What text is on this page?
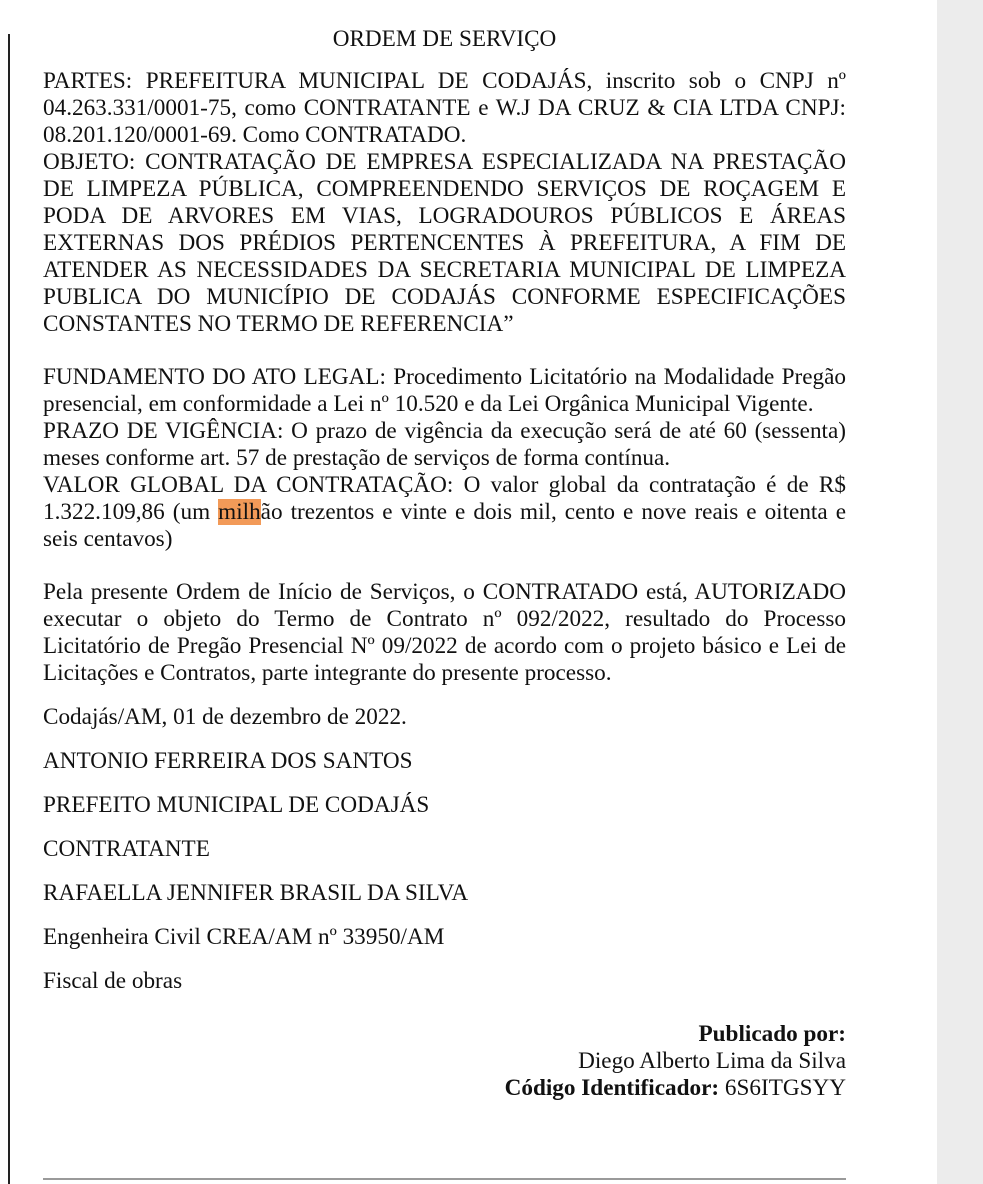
ORDEM DE SERVIÇO

PARTES: PREFEITURA MUNICIPAL DE CODAJÁS, inscrito sob o CNPJ nº 04.263.331/0001-75, como CONTRATANTE e W.J DA CRUZ & CIA LTDA CNPJ: 08.201.120/0001-69. Como CONTRATADO.

OBJETO: CONTRATAÇÃO DE EMPRESA ESPECIALIZADA NA PRESTAÇÃO DE LIMPEZA PÚBLICA, COMPREENDENDO SERVIÇOS DE ROÇAGEM E PODA DE ARVORES EM VIAS, LOGRADOUROS PÚBLICOS E ÁREAS EXTERNAS DOS PRÉDIOS PERTENCENTES À PREFEITURA, A FIM DE ATENDER AS NECESSIDADES DA SECRETARIA MUNICIPAL DE LIMPEZA PUBLICA DO MUNICÍPIO DE CODAJÁS CONFORME ESPECIFICAÇÕES CONSTANTES NO TERMO DE REFERENCIA”

FUNDAMENTO DO ATO LEGAL: Procedimento Licitatório na Modalidade Pregão presencial, em conformidade a Lei nº 10.520 e da Lei Orgânica Municipal Vigente.

PRAZO DE VIGÊNCIA: O prazo de vigência da execução será de até 60 (sessenta) meses conforme art. 57 de prestação de serviços de forma contínua.

VALOR GLOBAL DA CONTRATAÇÃO: O valor global da contratação é de R$ 1.322.109,86 (um milhão trezentos e vinte e dois mil, cento e nove reais e oitenta e seis centavos)

Pela presente Ordem de Início de Serviços, o CONTRATADO está, AUTORIZADO executar o objeto do Termo de Contrato nº 092/2022, resultado do Processo Licitatório de Pregão Presencial Nº 09/2022 de acordo com o projeto básico e Lei de Licitações e Contratos, parte integrante do presente processo.

Codajás/AM, 01 de dezembro de 2022.

ANTONIO FERREIRA DOS SANTOS

PREFEITO MUNICIPAL DE CODAJÁS

CONTRATANTE

RAFAELLA JENNIFER BRASIL DA SILVA

Engenheira Civil CREA/AM nº 33950/AM

Fiscal de obras

Publicado por:
Diego Alberto Lima da Silva
Código Identificador: 6S6ITGSYY
